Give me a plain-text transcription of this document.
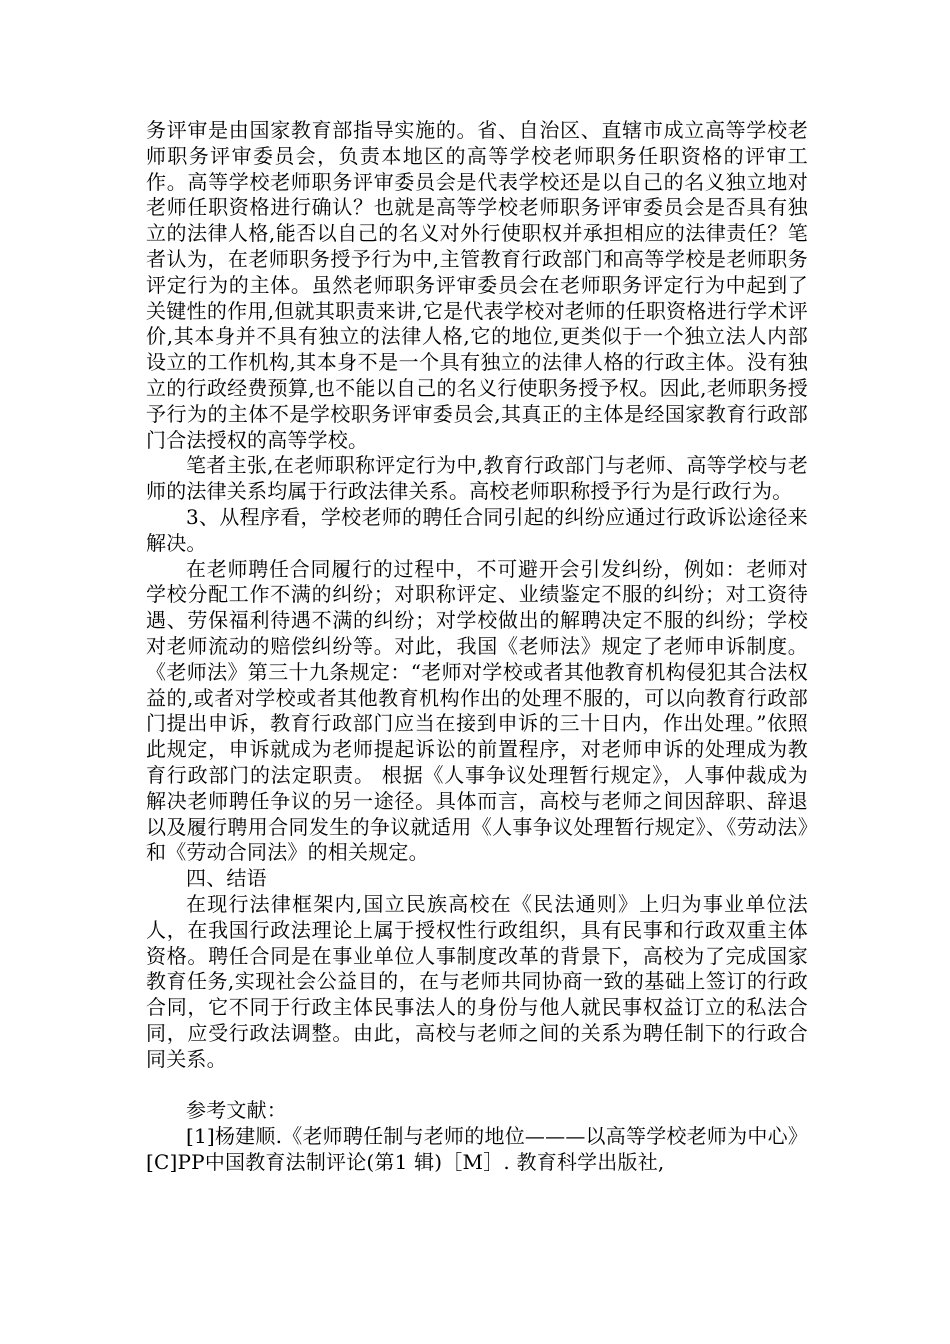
务评审是由国家教育部指导实施的。省、自治区、直辖市成立高等学校老师职务评审委员会，负责本地区的高等学校老师职务任职资格的评审工作。高等学校老师职务评审委员会是代表学校还是以自己的名义独立地对老师任职资格进行确认？也就是高等学校老师职务评审委员会是否具有独立的法律人格,能否以自己的名义对外行使职权并承担相应的法律责任？笔者认为，在老师职务授予行为中,主管教育行政部门和高等学校是老师职务评定行为的主体。虽然老师职务评审委员会在老师职务评定行为中起到了关键性的作用,但就其职责来讲,它是代表学校对老师的任职资格进行学术评价,其本身并不具有独立的法律人格,它的地位,更类似于一个独立法人内部设立的工作机构,其本身不是一个具有独立的法律人格的行政主体。没有独立的行政经费预算,也不能以自己的名义行使职务授予权。因此,老师职务授予行为的主体不是学校职务评审委员会,其真正的主体是经国家教育行政部门合法授权的高等学校。

笔者主张,在老师职称评定行为中,教育行政部门与老师、高等学校与老师的法律关系均属于行政法律关系。高校老师职称授予行为是行政行为。

3、从程序看，学校老师的聘任合同引起的纠纷应通过行政诉讼途径来解决。

在老师聘任合同履行的过程中，不可避开会引发纠纷，例如：老师对学校分配工作不满的纠纷；对职称评定、业绩鉴定不服的纠纷；对工资待遇、劳保福利待遇不满的纠纷；对学校做出的解聘决定不服的纠纷；学校对老师流动的赔偿纠纷等。对此，我国《老师法》规定了老师申诉制度。《老师法》第三十九条规定：“老师对学校或者其他教育机构侵犯其合法权益的,或者对学校或者其他教育机构作出的处理不服的，可以向教育行政部门提出申诉，教育行政部门应当在接到申诉的三十日内，作出处理。”依照此规定，申诉就成为老师提起诉讼的前置程序，对老师申诉的处理成为教育行政部门的法定职责。 根据《人事争议处理暂行规定》，人事仲裁成为解决老师聘任争议的另一途径。具体而言，高校与老师之间因辞职、辞退以及履行聘用合同发生的争议就适用《人事争议处理暂行规定》、《劳动法》和《劳动合同法》的相关规定。

四、结语

在现行法律框架内,国立民族高校在《民法通则》上归为事业单位法人，在我国行政法理论上属于授权性行政组织，具有民事和行政双重主体资格。聘任合同是在事业单位人事制度改革的背景下，高校为了完成国家教育任务,实现社会公益目的，在与老师共同协商一致的基础上签订的行政合同，它不同于行政主体民事法人的身份与他人就民事权益订立的私法合同，应受行政法调整。由此，高校与老师之间的关系为聘任制下的行政合同关系。

参考文献：

[1]杨建顺.《老师聘任制与老师的地位———以高等学校老师为中心》[C]PP中国教育法制评论(第1 辑)［M］. 教育科学出版社,
